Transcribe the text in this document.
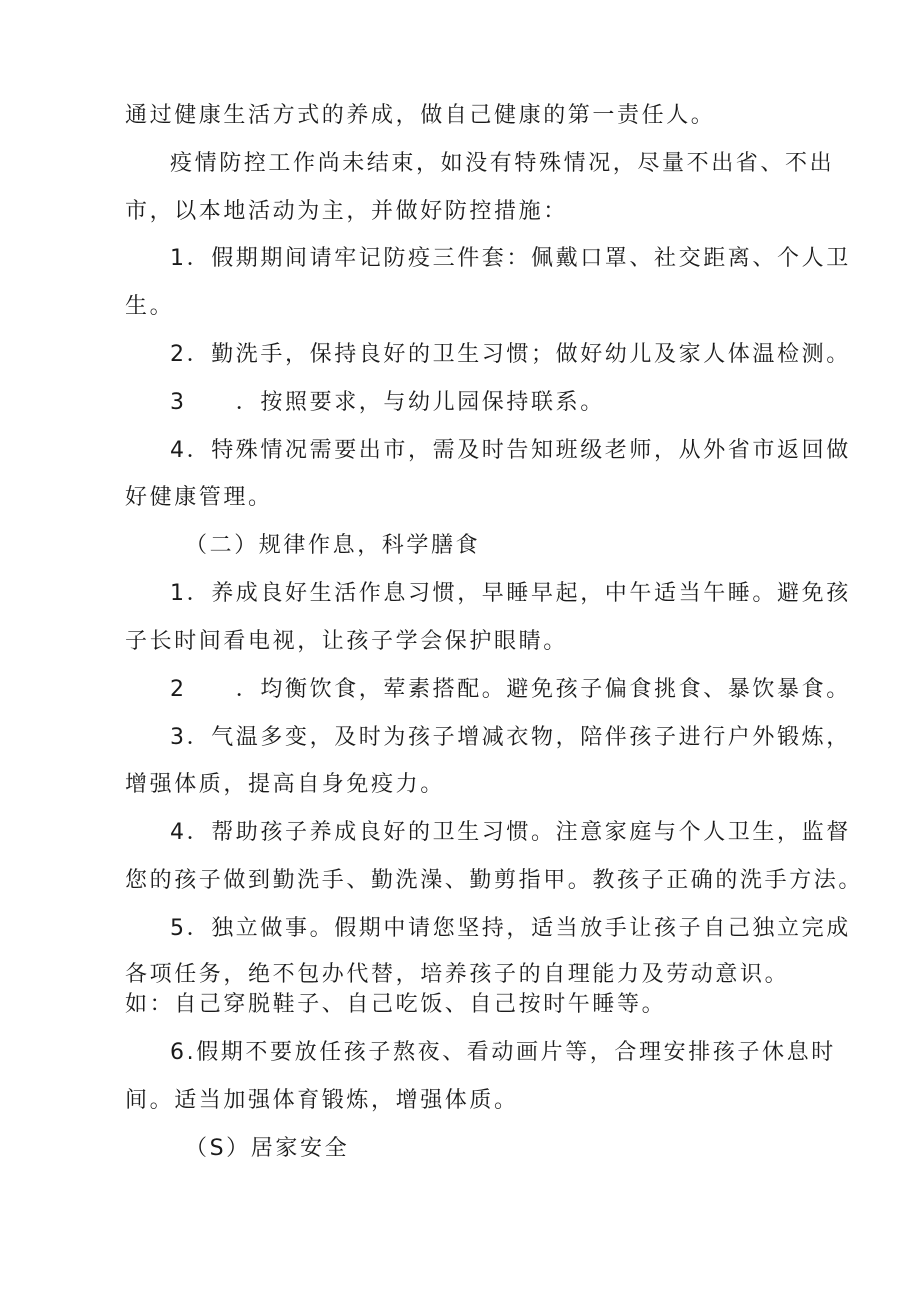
通过健康生活方式的养成，做自己健康的第一责任人。
疫情防控工作尚未结束，如没有特殊情况，尽量不出省、不出
市，以本地活动为主，并做好防控措施：
1．假期期间请牢记防疫三件套：佩戴口罩、社交距离、个人卫
生。
2．勤洗手，保持良好的卫生习惯；做好幼儿及家人体温检测。
3　　．按照要求，与幼儿园保持联系。
4．特殊情况需要出市，需及时告知班级老师，从外省市返回做
好健康管理。
（二）规律作息，科学膳食
1．养成良好生活作息习惯，早睡早起，中午适当午睡。避免孩
子长时间看电视，让孩子学会保护眼睛。
2　　．均衡饮食，荤素搭配。避免孩子偏食挑食、暴饮暴食。
3．气温多变，及时为孩子增减衣物，陪伴孩子进行户外锻炼，
增强体质，提高自身免疫力。
4．帮助孩子养成良好的卫生习惯。注意家庭与个人卫生，监督
您的孩子做到勤洗手、勤洗澡、勤剪指甲。教孩子正确的洗手方法。
5．独立做事。假期中请您坚持，适当放手让孩子自己独立完成
各项任务，绝不包办代替，培养孩子的自理能力及劳动意识。
如：自己穿脱鞋子、自己吃饭、自己按时午睡等。
6.假期不要放任孩子熬夜、看动画片等，合理安排孩子休息时
间。适当加强体育锻炼，增强体质。
（S）居家安全
